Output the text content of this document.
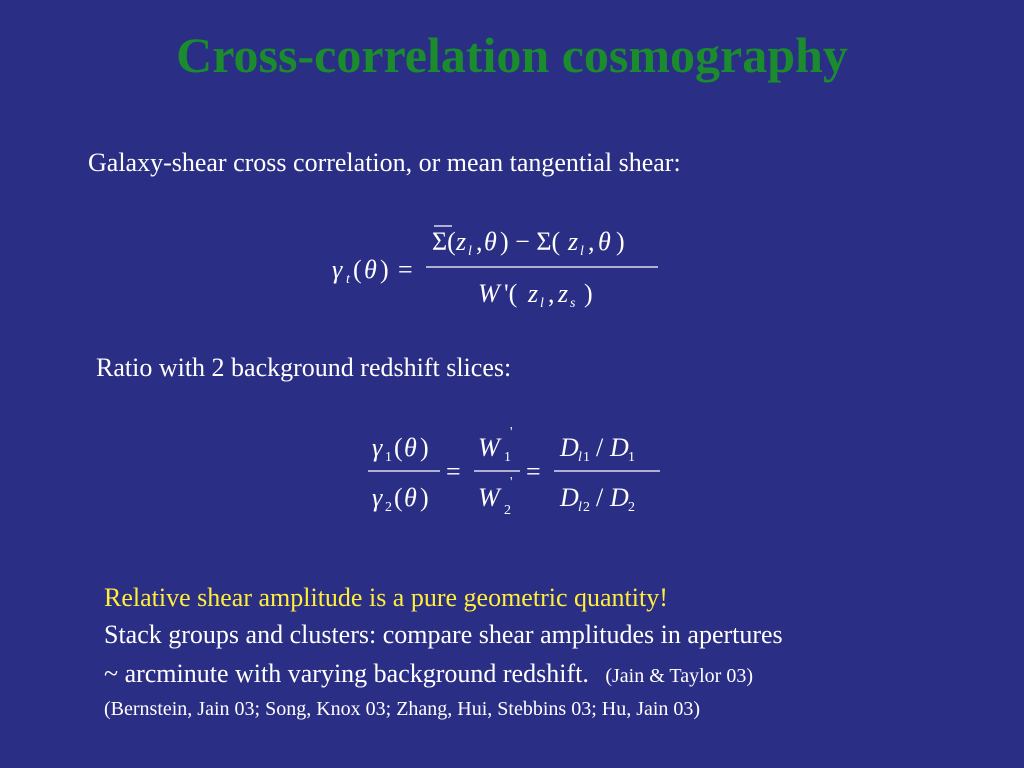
Cross-correlation cosmography
Galaxy-shear cross correlation, or mean tangential shear:
γ t ( θ ) =
Σ( z l , θ ) − Σ( z l , θ )
W '( z l , z s )
Ratio with 2 background redshift slices:
γ 1 ( θ )
γ 2 ( θ )
=
W 1
'
W 2
' =
D l 1 / D 1
D l 2 / D 2
Relative shear amplitude is a pure geometric quantity!
Stack groups and clusters: compare shear amplitudes in apertures
~ arcminute with varying background redshift. (Jain & Taylor 03)
(Bernstein, Jain 03; Song, Knox 03; Zhang, Hui, Stebbins 03; Hu, Jain 03)
